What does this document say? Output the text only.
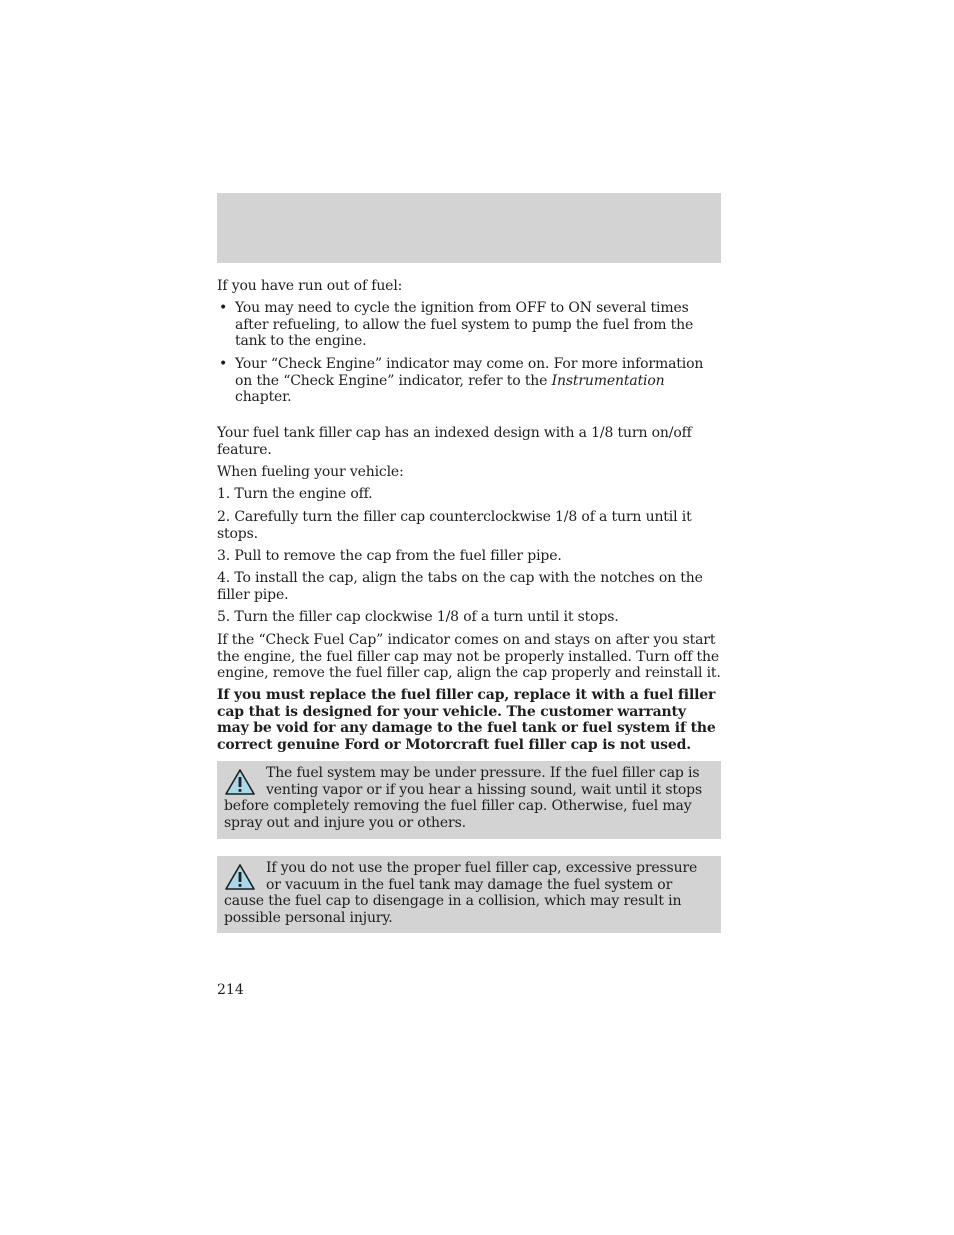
If you have run out of fuel:

• You may need to cycle the ignition from OFF to ON several times after refueling, to allow the fuel system to pump the fuel from the tank to the engine.
• Your “Check Engine” indicator may come on. For more information on the “Check Engine” indicator, refer to the Instrumentation chapter.

Your fuel tank filler cap has an indexed design with a 1/8 turn on/off feature.

When fueling your vehicle:

1. Turn the engine off.

2. Carefully turn the filler cap counterclockwise 1/8 of a turn until it stops.

3. Pull to remove the cap from the fuel filler pipe.

4. To install the cap, align the tabs on the cap with the notches on the filler pipe.

5. Turn the filler cap clockwise 1/8 of a turn until it stops.

If the “Check Fuel Cap” indicator comes on and stays on after you start the engine, the fuel filler cap may not be properly installed. Turn off the engine, remove the fuel filler cap, align the cap properly and reinstall it.

If you must replace the fuel filler cap, replace it with a fuel filler cap that is designed for your vehicle. The customer warranty may be void for any damage to the fuel tank or fuel system if the correct genuine Ford or Motorcraft fuel filler cap is not used.

The fuel system may be under pressure. If the fuel filler cap is venting vapor or if you hear a hissing sound, wait until it stops before completely removing the fuel filler cap. Otherwise, fuel may spray out and injure you or others.
If you do not use the proper fuel filler cap, excessive pressure or vacuum in the fuel tank may damage the fuel system or cause the fuel cap to disengage in a collision, which may result in possible personal injury.
214
